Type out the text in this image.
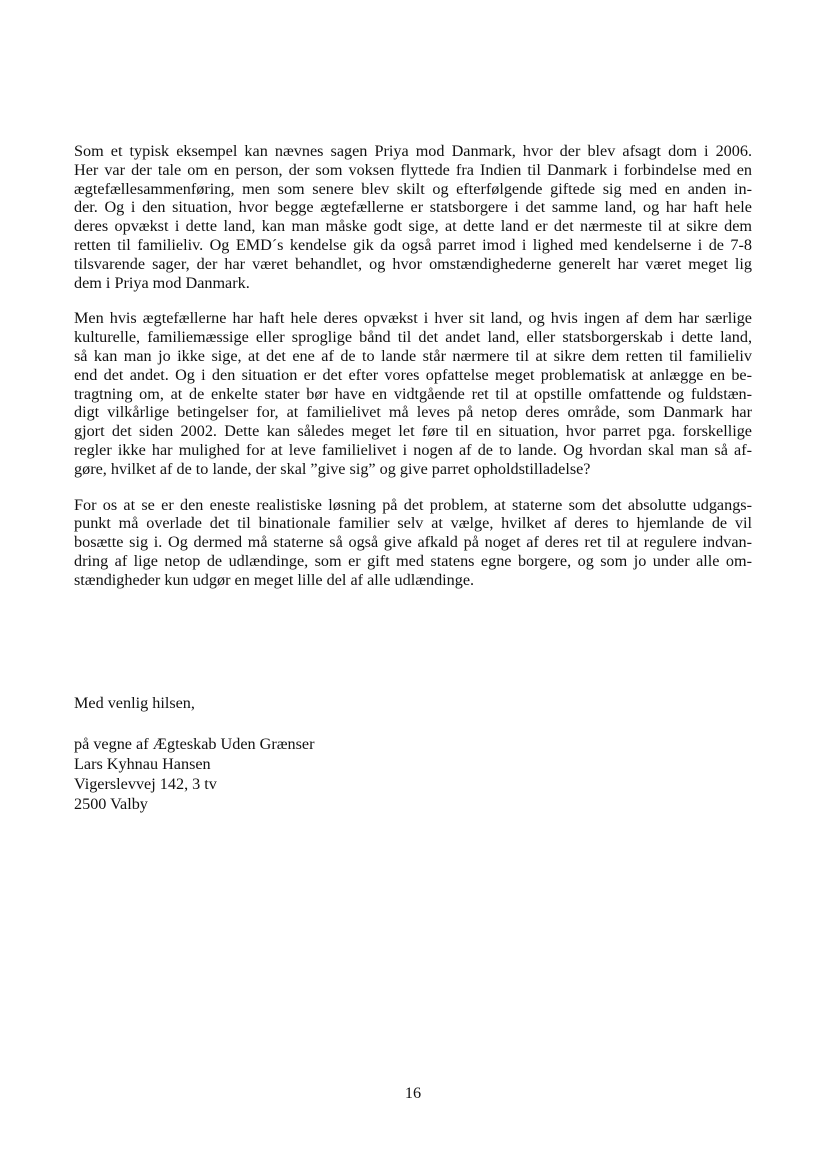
Som et typisk eksempel kan nævnes sagen Priya mod Danmark, hvor der blev afsagt dom i 2006.
Her var der tale om en person, der som voksen flyttede fra Indien til Danmark i forbindelse med en
ægtefællesammenføring, men som senere blev skilt og efterfølgende giftede sig med en anden in-
der. Og i den situation, hvor begge ægtefællerne er statsborgere i det samme land, og har haft hele
deres opvækst i dette land, kan man måske godt sige, at dette land er det nærmeste til at sikre dem
retten til familieliv. Og EMD´s kendelse gik da også parret imod i lighed med kendelserne i de 7-8
tilsvarende sager, der har været behandlet, og hvor omstændighederne generelt har været meget lig
dem i Priya mod Danmark.

Men hvis ægtefællerne har haft hele deres opvækst i hver sit land, og hvis ingen af dem har særlige
kulturelle, familiemæssige eller sproglige bånd til det andet land, eller statsborgerskab i dette land,
så kan man jo ikke sige, at det ene af de to lande står nærmere til at sikre dem retten til familieliv
end det andet. Og i den situation er det efter vores opfattelse meget problematisk at anlægge en be-
tragtning om, at de enkelte stater bør have en vidtgående ret til at opstille omfattende og fuldstæn-
digt vilkårlige betingelser for, at familielivet må leves på netop deres område, som Danmark har
gjort det siden 2002. Dette kan således meget let føre til en situation, hvor parret pga. forskellige
regler ikke har mulighed for at leve familielivet i nogen af de to lande. Og hvordan skal man så af-
gøre, hvilket af de to lande, der skal ”give sig” og give parret opholdstilladelse?

For os at se er den eneste realistiske løsning på det problem, at staterne som det absolutte udgangs-
punkt må overlade det til binationale familier selv at vælge, hvilket af deres to hjemlande de vil
bosætte sig i. Og dermed må staterne så også give afkald på noget af deres ret til at regulere indvan-
dring af lige netop de udlændinge, som er gift med statens egne borgere, og som jo under alle om-
stændigheder kun udgør en meget lille del af alle udlændinge.

Med venlig hilsen,

på vegne af Ægteskab Uden Grænser
Lars Kyhnau Hansen
Vigerslevvej 142, 3 tv
2500 Valby
16
